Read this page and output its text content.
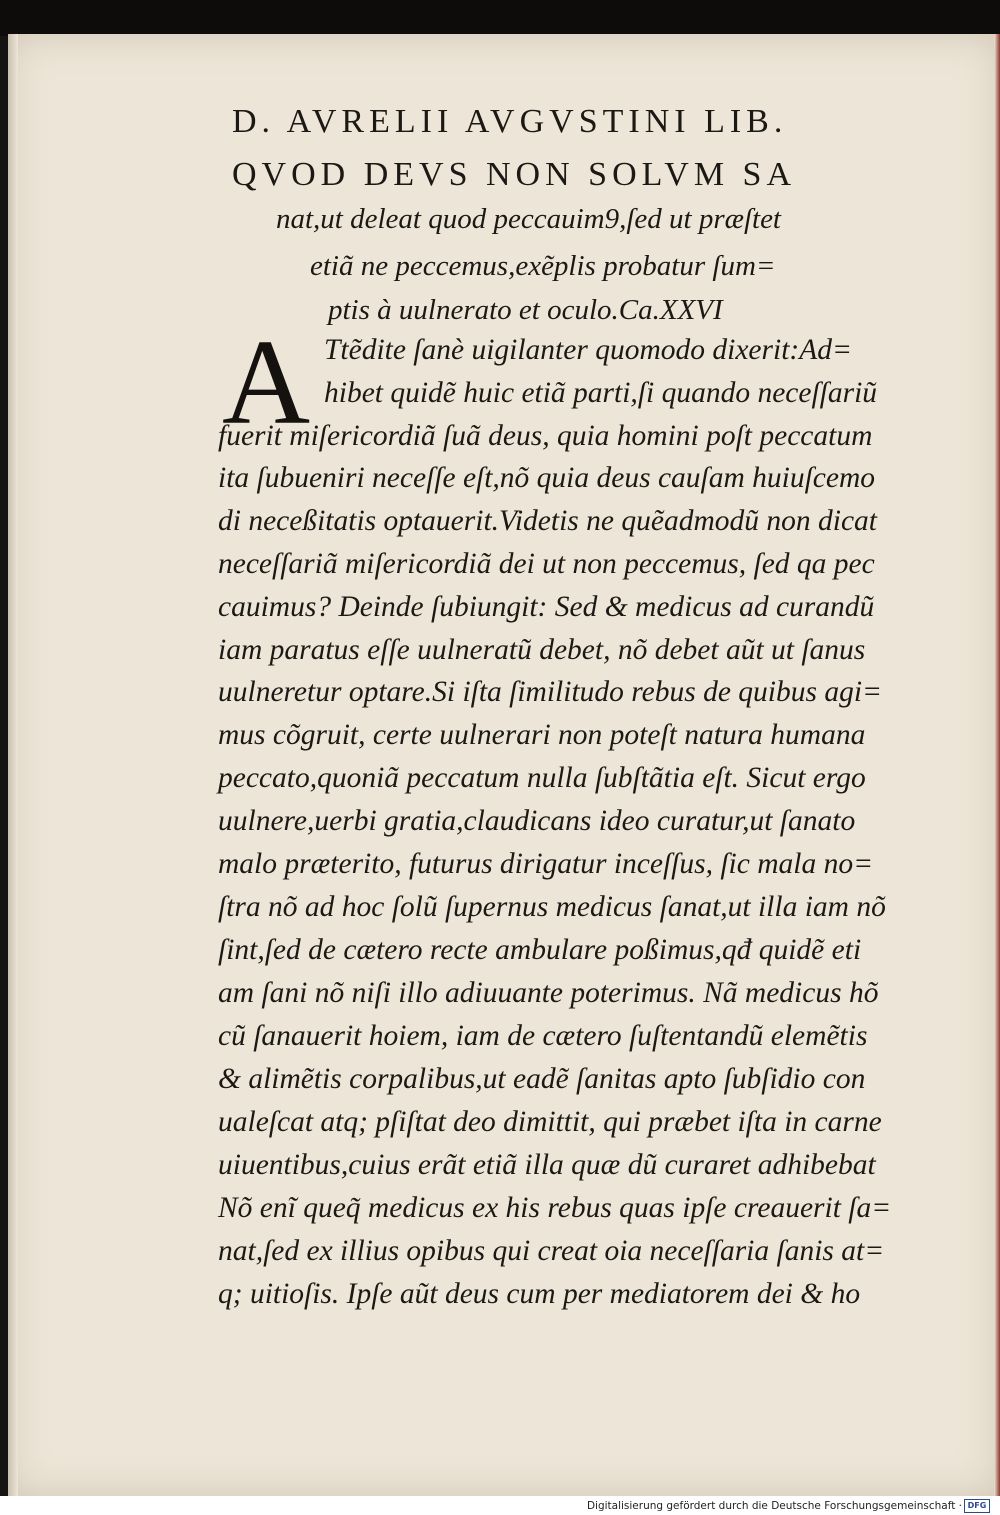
D. AVRELII AVGVSTINI LIB.
QVOD DEVS NON SOLVM SA
nat,ut deleat quod peccauim9,ſed ut præſtet
etiã ne peccemus,exẽplis probatur ſum=
ptis à uulnerato et oculo.Ca.XXVI
A Ttẽdite ſanè uigilanter quomodo dixerit:Ad=
hibet quidẽ huic etiã parti,ſi quando neceſſariũ
fuerit miſericordiã ſuã deus, quia homini poſt peccatum
ita ſubueniri neceſſe eſt,nõ quia deus cauſam huiuſcemo
di neceßitatis optauerit.Videtis ne quẽadmodũ non dicat
neceſſariã miſericordiã dei ut non peccemus, ſed qa pec
cauimus? Deinde ſubiungit: Sed & medicus ad curandũ
iam paratus eſſe uulneratũ debet, nõ debet aũt ut ſanus
uulneretur optare.Si iſta ſimilitudo rebus de quibus agi=
mus cõgruit, certe uulnerari non poteſt natura humana
peccato,quoniã peccatum nulla ſubſtãtia eſt. Sicut ergo
uulnere,uerbi gratia,claudicans ideo curatur,ut ſanato
malo præterito, futurus dirigatur inceſſus, ſic mala no=
ſtra nõ ad hoc ſolũ ſupernus medicus ſanat,ut illa iam nõ
ſint,ſed de cætero recte ambulare poßimus,qđ quidẽ eti
am ſani nõ niſi illo adiuuante poterimus. Nã medicus hõ
cũ ſanauerit hoiem, iam de cætero ſuſtentandũ elemẽtis
& alimẽtis corpalibus,ut eadẽ ſanitas apto ſubſidio con
ualeſcat atq; pſiſtat deo dimittit, qui præbet iſta in carne
uiuentibus,cuius erãt etiã illa quæ dũ curaret adhibebat
Nõ enĩ queq̃ medicus ex his rebus quas ipſe creauerit ſa=
nat,ſed ex illius opibus qui creat oia neceſſaria ſanis at=
q; uitioſis. Ipſe aũt deus cum per mediatorem dei & ho
Digitalisierung gefördert durch die Deutsche Forschungsgemeinschaft · DFG
